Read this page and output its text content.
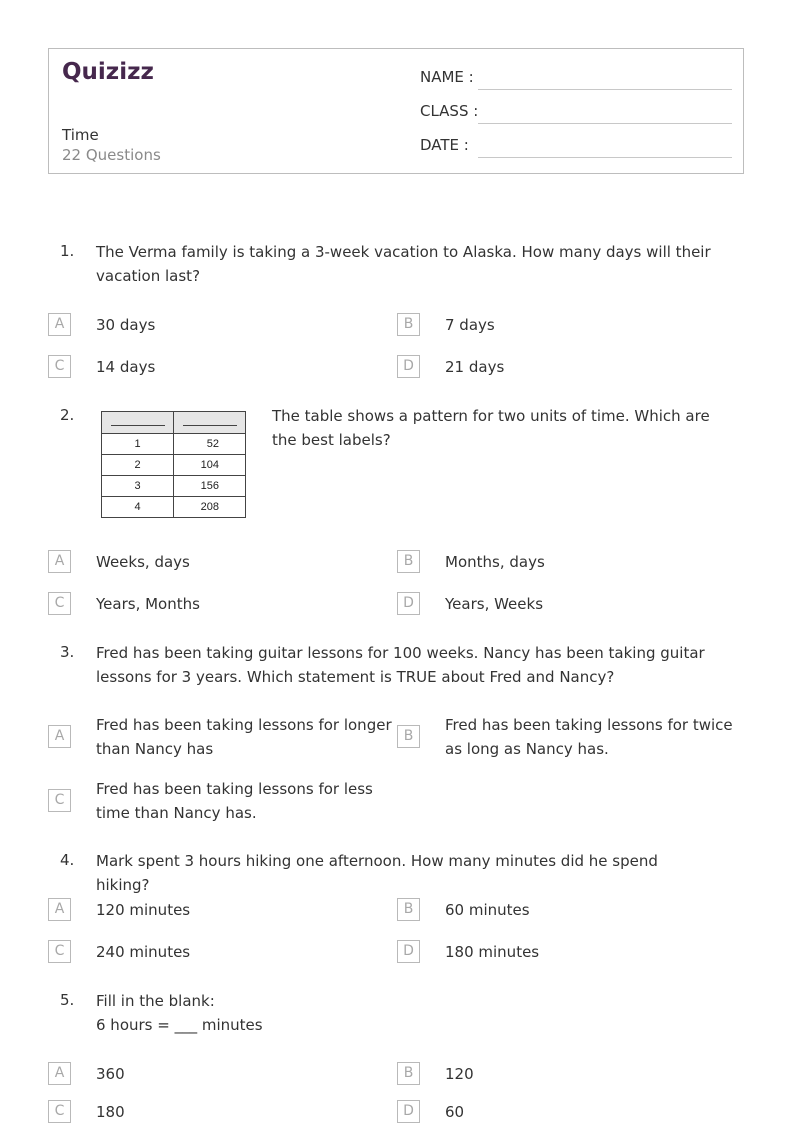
Quizizz
Time
22 Questions
NAME :
CLASS :
DATE :
1. The Verma family is taking a 3-week vacation to Alaska. How many days will their vacation last?
A	30 days	B	7 days
C	14 days	D	21 days
2.

1	52
2	104
3	156
4	208
The table shows a pattern for two units of time. Which are the best labels?
A	Weeks, days	B	Months, days
C	Years, Months	D	Years, Weeks
3. Fred has been taking guitar lessons for 100 weeks. Nancy has been taking guitar lessons for 3 years. Which statement is TRUE about Fred and Nancy?
A
Fred has been taking lessons for longer than Nancy has
B
Fred has been taking lessons for twice as long as Nancy has.
C
Fred has been taking lessons for less time than Nancy has.
4. Mark spent 3 hours hiking one afternoon. How many minutes did he spend hiking?
A	120 minutes	B	60 minutes
C	240 minutes	D	180 minutes
5. Fill in the blank:
6 hours = ___ minutes
A	360	B	120
C	180	D	60
